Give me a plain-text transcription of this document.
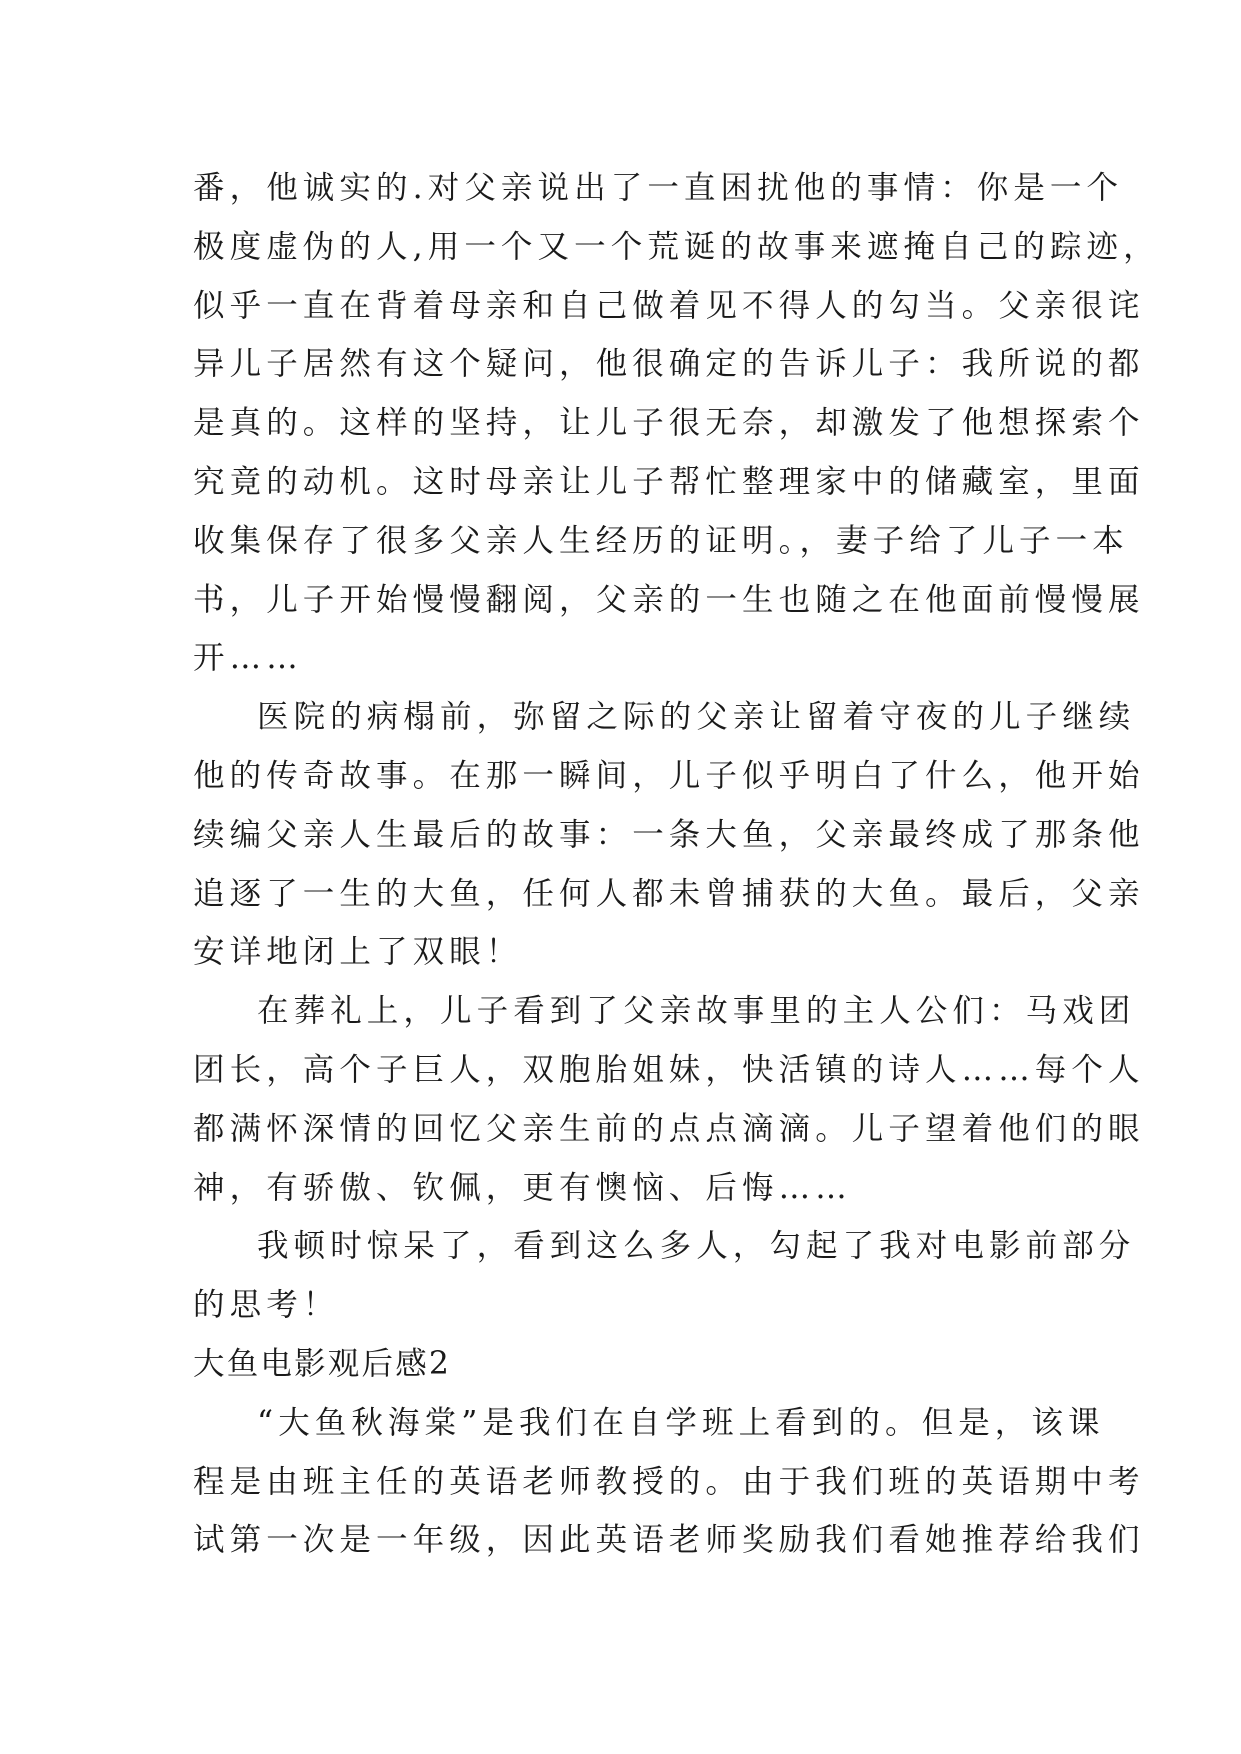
番，他诚实的.对父亲说出了一直困扰他的事情：你是一个
极度虚伪的人,用一个又一个荒诞的故事来遮掩自己的踪迹，
似乎一直在背着母亲和自己做着见不得人的勾当。父亲很诧
异儿子居然有这个疑问，他很确定的告诉儿子：我所说的都
是真的。这样的坚持，让儿子很无奈，却激发了他想探索个
究竟的动机。这时母亲让儿子帮忙整理家中的储藏室，里面
收集保存了很多父亲人生经历的证明。，妻子给了儿子一本
书，儿子开始慢慢翻阅，父亲的一生也随之在他面前慢慢展
开……
医院的病榻前，弥留之际的父亲让留着守夜的儿子继续
他的传奇故事。在那一瞬间，儿子似乎明白了什么，他开始
续编父亲人生最后的故事：一条大鱼，父亲最终成了那条他
追逐了一生的大鱼，任何人都未曾捕获的大鱼。最后，父亲
安详地闭上了双眼！
在葬礼上，儿子看到了父亲故事里的主人公们：马戏团
团长，高个子巨人，双胞胎姐妹，快活镇的诗人……每个人
都满怀深情的回忆父亲生前的点点滴滴。儿子望着他们的眼
神，有骄傲、钦佩，更有懊恼、后悔……
我顿时惊呆了，看到这么多人，勾起了我对电影前部分
的思考！
大鱼电影观后感2
“大鱼秋海棠”是我们在自学班上看到的。但是，该课
程是由班主任的英语老师教授的。由于我们班的英语期中考
试第一次是一年级，因此英语老师奖励我们看她推荐给我们
